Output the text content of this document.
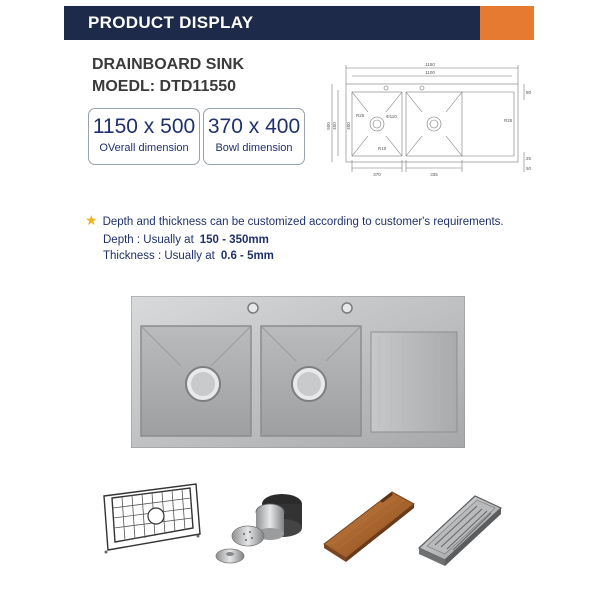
PRODUCT DISPLAY
DRAINBOARD SINK
MOEDL: DTD11550
1150 x 500
OVerall dimension
370 x 400
Bowl dimension
1150
1100
500 450 400
R25	Φ110
R10
370	335
R25
80
25
50
★ Depth and thickness can be customized according to customer's requirements.
Depth : Usually at 150 - 350mm
Thickness : Usually at 0.6 - 5mm
